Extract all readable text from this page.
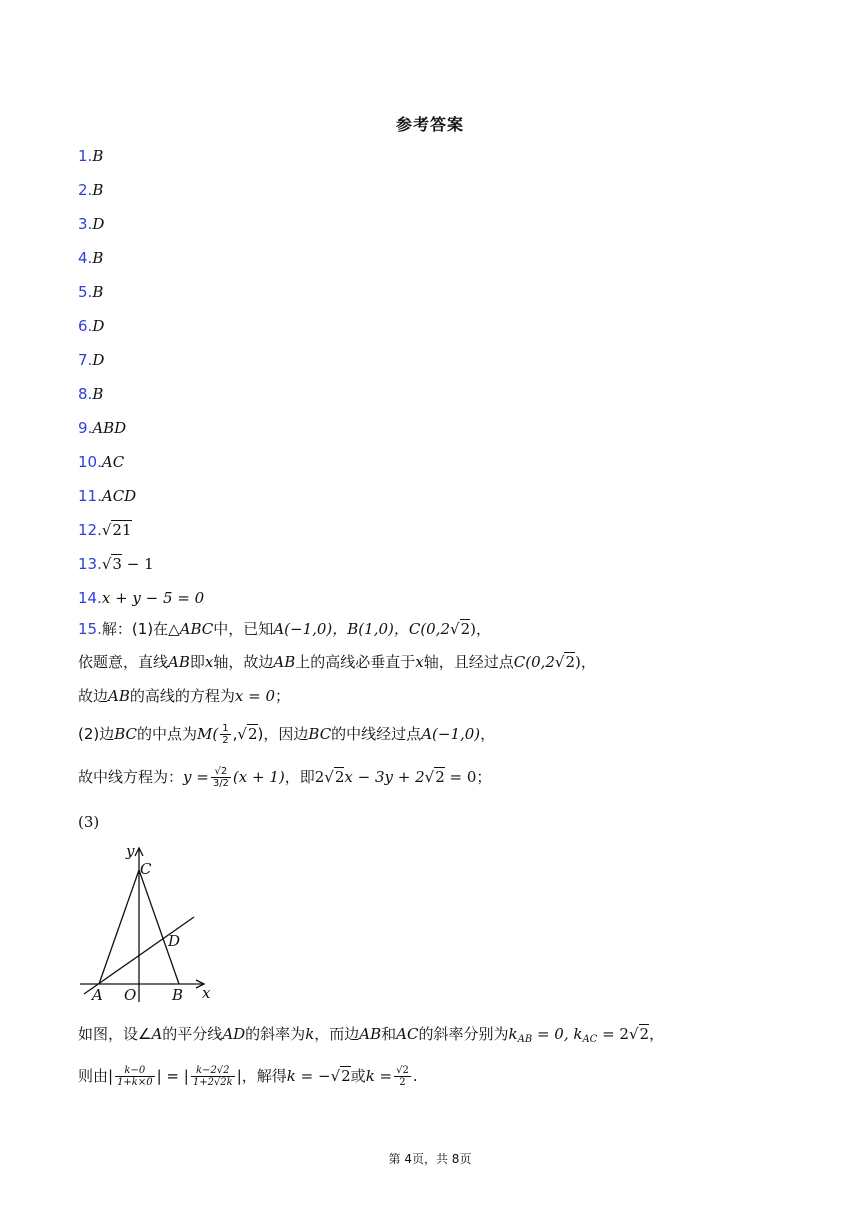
参考答案
1.B
2.B
3.D
4.B
5.B
6.D
7.D
8.B
9.ABD
10.AC
11.ACD
12.√21
13.√3 − 1
14.x + y − 5 = 0
15.解：(1)在△ABC中，已知A(−1,0)，B(1,0)，C(0,2√2)，
依题意，直线AB即x轴，故边AB上的高线必垂直于x轴，且经过点C(0,2√2)，
故边AB的高线的方程为x = 0；
(2)边BC的中点为$M( \frac{1}{2} ,√2)$，因边BC的中线经过点A(−1,0)，
故中线方程为：$y = \frac{√2}{3/2} (x + 1)$，即2√2x − 3y + 2√2 = 0；
(3)
y
x
C
D
A O B
如图，设∠A的平分线AD的斜率为k，而边AB和AC的斜率分别为$k_{AB} = 0$, $k_{AC} = 2√2$，
则由| $\frac{k-0}{1+k\times 0}$ | = | $\frac{k-2√2}{1+2√2k}$ |，解得k = −√2或$k = \frac{√2}{2}$ .
第 4页，共 8页
